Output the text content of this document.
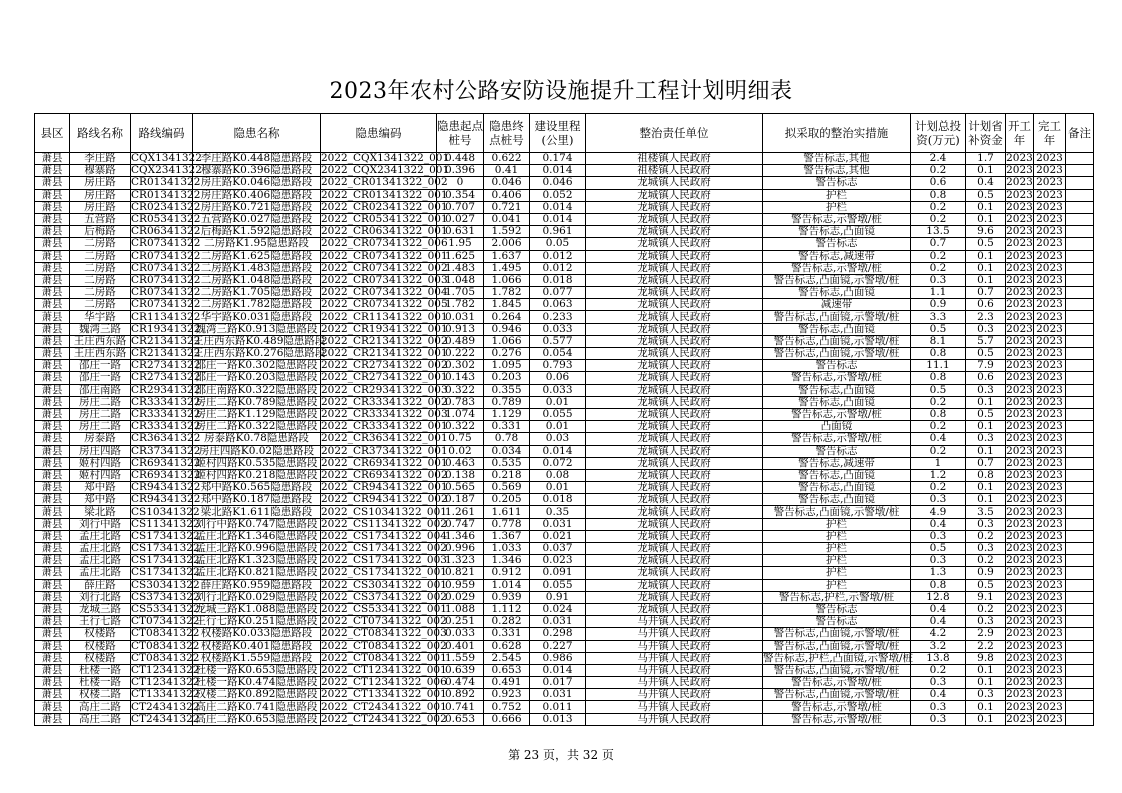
2023年农村公路安防设施提升工程计划明细表
县区	路线名称	路线编码	隐患名称	隐患编码	隐患起点桩号	隐患终点桩号	建设里程(公里)	整治责任单位	拟采取的整治实措施	计划总投资(万元)	计划省补资金	开工年	完工年	备注
萧县	李庄路	CQX1341322	李庄路K0.448隐患路段	2022_CQX1341322_001	0.448	0.622	0.174	祖楼镇人民政府	警告标志,其他	2.4	1.7	2023	2023	
萧县	穆寨路	CQX2341322	穆寨路K0.396隐患路段	2022_CQX2341322_001	0.396	0.41	0.014	祖楼镇人民政府	警告标志,其他	0.2	0.1	2023	2023	
萧县	房庄路	CR01341322	房庄路K0.046隐患路段	2022_CR01341322_002	0	0.046	0.046	龙城镇人民政府	警告标志	0.6	0.4	2023	2023	
萧县	房庄路	CR01341322	房庄路K0.406隐患路段	2022_CR01341322_001	0.354	0.406	0.052	龙城镇人民政府	护栏	0.8	0.5	2023	2023	
萧县	房庄路	CR02341322	房庄路K0.721隐患路段	2022_CR02341322_001	0.707	0.721	0.014	龙城镇人民政府	护栏	0.2	0.1	2023	2023	
萧县	五营路	CR05341322	五营路K0.027隐患路段	2022_CR05341322_001	0.027	0.041	0.014	龙城镇人民政府	警告标志,示警墩/桩	0.2	0.1	2023	2023	
萧县	后梅路	CR06341322	后梅路K1.592隐患路段	2022_CR06341322_001	0.631	1.592	0.961	龙城镇人民政府	警告标志,凸面镜	13.5	9.6	2023	2023	
萧县	二房路	CR07341322	二房路K1.95隐患路段	2022_CR07341322_006	1.95	2.006	0.05	龙城镇人民政府	警告标志	0.7	0.5	2023	2023	
萧县	二房路	CR07341322	二房路K1.625隐患路段	2022_CR07341322_001	1.625	1.637	0.012	龙城镇人民政府	警告标志,减速带	0.2	0.1	2023	2023	
萧县	二房路	CR07341322	二房路K1.483隐患路段	2022_CR07341322_002	1.483	1.495	0.012	龙城镇人民政府	警告标志,示警墩/桩	0.2	0.1	2023	2023	
萧县	二房路	CR07341322	二房路K1.048隐患路段	2022_CR07341322_003	1.048	1.066	0.018	龙城镇人民政府	警告标志,凸面镜,示警墩/桩	0.3	0.1	2023	2023	
萧县	二房路	CR07341322	二房路K1.705隐患路段	2022_CR07341322_004	1.705	1.782	0.077	龙城镇人民政府	警告标志,凸面镜	1.1	0.7	2023	2023	
萧县	二房路	CR07341322	二房路K1.782隐患路段	2022_CR07341322_005	1.782	1.845	0.063	龙城镇人民政府	减速带	0.9	0.6	2023	2023	
萧县	华宇路	CR11341322	华宇路K0.031隐患路段	2022_CR11341322_001	0.031	0.264	0.233	龙城镇人民政府	警告标志,凸面镜,示警墩/桩	3.3	2.3	2023	2023	
萧县	魏湾三路	CR19341322	魏湾三路K0.913隐患路段	2022_CR19341322_001	0.913	0.946	0.033	龙城镇人民政府	警告标志,凸面镜	0.5	0.3	2023	2023	
萧县	王庄西东路	CR21341322	王庄西东路K0.489隐患路段	2022_CR21341322_002	0.489	1.066	0.577	龙城镇人民政府	警告标志,凸面镜,示警墩/桩	8.1	5.7	2023	2023	
萧县	王庄西东路	CR21341322	王庄西东路K0.276隐患路段	2022_CR21341322_001	0.222	0.276	0.054	龙城镇人民政府	警告标志,凸面镜,示警墩/桩	0.8	0.5	2023	2023	
萧县	邵庄一路	CR27341322	邵庄一路K0.302隐患路段	2022_CR27341322_002	0.302	1.095	0.793	龙城镇人民政府	警告标志	11.1	7.9	2023	2023	
萧县	邵庄一路	CR27341322	邵庄一路K0.203隐患路段	2022_CR27341322_001	0.143	0.203	0.06	龙城镇人民政府	警告标志,示警墩/桩	0.8	0.6	2023	2023	
萧县	邵庄南路	CR29341322	邵庄南路K0.322隐患路段	2022_CR29341322_003	0.322	0.355	0.033	龙城镇人民政府	警告标志,凸面镜	0.5	0.3	2023	2023	
萧县	房庄二路	CR33341322	房庄二路K0.789隐患路段	2022_CR33341322_002	0.783	0.789	0.01	龙城镇人民政府	警告标志,凸面镜	0.2	0.1	2023	2023	
萧县	房庄二路	CR33341322	房庄二路K1.129隐患路段	2022_CR33341322_003	1.074	1.129	0.055	龙城镇人民政府	警告标志,示警墩/桩	0.8	0.5	2023	2023	
萧县	房庄二路	CR33341322	房庄二路K0.322隐患路段	2022_CR33341322_001	0.322	0.331	0.01	龙城镇人民政府	凸面镜	0.2	0.1	2023	2023	
萧县	房泰路	CR36341322	房泰路K0.78隐患路段	2022_CR36341322_001	0.75	0.78	0.03	龙城镇人民政府	警告标志,示警墩/桩	0.4	0.3	2023	2023	
萧县	房庄四路	CR37341322	房庄四路K0.02隐患路段	2022_CR37341322_001	0.02	0.034	0.014	龙城镇人民政府	警告标志	0.2	0.1	2023	2023	
萧县	姬村四路	CR69341322	姬村四路K0.535隐患路段	2022_CR69341322_001	0.463	0.535	0.072	龙城镇人民政府	警告标志,减速带	1	0.7	2023	2023	
萧县	姬村四路	CR69341322	姬村四路K0.218隐患路段	2022_CR69341322_002	0.138	0.218	0.08	龙城镇人民政府	警告标志,凸面镜	1.2	0.8	2023	2023	
萧县	郑中路	CR94341322	郑中路K0.565隐患路段	2022_CR94341322_001	0.565	0.569	0.01	龙城镇人民政府	警告标志,凸面镜	0.2	0.1	2023	2023	
萧县	郑中路	CR94341322	郑中路K0.187隐患路段	2022_CR94341322_002	0.187	0.205	0.018	龙城镇人民政府	警告标志,凸面镜	0.3	0.1	2023	2023	
萧县	梁北路	CS10341322	梁北路K1.611隐患路段	2022_CS10341322_001	1.261	1.611	0.35	龙城镇人民政府	警告标志,凸面镜,示警墩/桩	4.9	3.5	2023	2023	
萧县	刘行中路	CS11341322	刘行中路K0.747隐患路段	2022_CS11341322_002	0.747	0.778	0.031	龙城镇人民政府	护栏	0.4	0.3	2023	2023	
萧县	孟庄北路	CS17341322	孟庄北路K1.346隐患路段	2022_CS17341322_004	1.346	1.367	0.021	龙城镇人民政府	护栏	0.3	0.2	2023	2023	
萧县	孟庄北路	CS17341322	孟庄北路K0.996隐患路段	2022_CS17341322_002	0.996	1.033	0.037	龙城镇人民政府	护栏	0.5	0.3	2023	2023	
萧县	孟庄北路	CS17341322	孟庄北路K1.323隐患路段	2022_CS17341322_003	1.323	1.346	0.023	龙城镇人民政府	护栏	0.3	0.2	2023	2023	
萧县	孟庄北路	CS17341322	孟庄北路K0.821隐患路段	2022_CS17341322_001	0.821	0.912	0.091	龙城镇人民政府	护栏	1.3	0.9	2023	2023	
萧县	薛庄路	CS30341322	薛庄路K0.959隐患路段	2022_CS30341322_001	0.959	1.014	0.055	龙城镇人民政府	护栏	0.8	0.5	2023	2023	
萧县	刘行北路	CS37341322	刘行北路K0.029隐患路段	2022_CS37341322_002	0.029	0.939	0.91	龙城镇人民政府	警告标志,护栏,示警墩/桩	12.8	9.1	2023	2023	
萧县	龙城三路	CS53341322	龙城三路K1.088隐患路段	2022_CS53341322_001	1.088	1.112	0.024	龙城镇人民政府	警告标志	0.4	0.2	2023	2023	
萧县	王行七路	CT07341322	王行七路K0.251隐患路段	2022_CT07341322_002	0.251	0.282	0.031	马井镇人民政府	警告标志	0.4	0.3	2023	2023	
萧县	权楼路	CT08341322	权楼路K0.033隐患路段	2022_CT08341322_003	0.033	0.331	0.298	马井镇人民政府	警告标志,凸面镜,示警墩/桩	4.2	2.9	2023	2023	
萧县	权楼路	CT08341322	权楼路K0.401隐患路段	2022_CT08341322_002	0.401	0.628	0.227	马井镇人民政府	警告标志,凸面镜,示警墩/桩	3.2	2.2	2023	2023	
萧县	权楼路	CT08341322	权楼路K1.559隐患路段	2022_CT08341322_001	1.559	2.545	0.986	马井镇人民政府	警告标志,护栏,凸面镜,示警墩/桩	13.8	9.8	2023	2023	
萧县	杜楼一路	CT12341322	杜楼一路K0.653隐患路段	2022_CT12341322_001	0.639	0.653	0.014	马井镇人民政府	警告标志,凸面镜,示警墩/桩	0.2	0.1	2023	2023	
萧县	杜楼一路	CT12341322	杜楼一路K0.474隐患路段	2022_CT12341322_006	0.474	0.491	0.017	马井镇人民政府	警告标志,示警墩/桩	0.3	0.1	2023	2023	
萧县	权楼二路	CT13341322	权楼二路K0.892隐患路段	2022_CT13341322_001	0.892	0.923	0.031	马井镇人民政府	警告标志,凸面镜,示警墩/桩	0.4	0.3	2023	2023	
萧县	高庄二路	CT24341322	高庄二路K0.741隐患路段	2022_CT24341322_001	0.741	0.752	0.011	马井镇人民政府	警告标志,示警墩/桩	0.3	0.1	2023	2023	
萧县	高庄二路	CT24341322	高庄二路K0.653隐患路段	2022_CT24341322_002	0.653	0.666	0.013	马井镇人民政府	警告标志,示警墩/桩	0.3	0.1	2023	2023	
第 23 页，共 32 页
